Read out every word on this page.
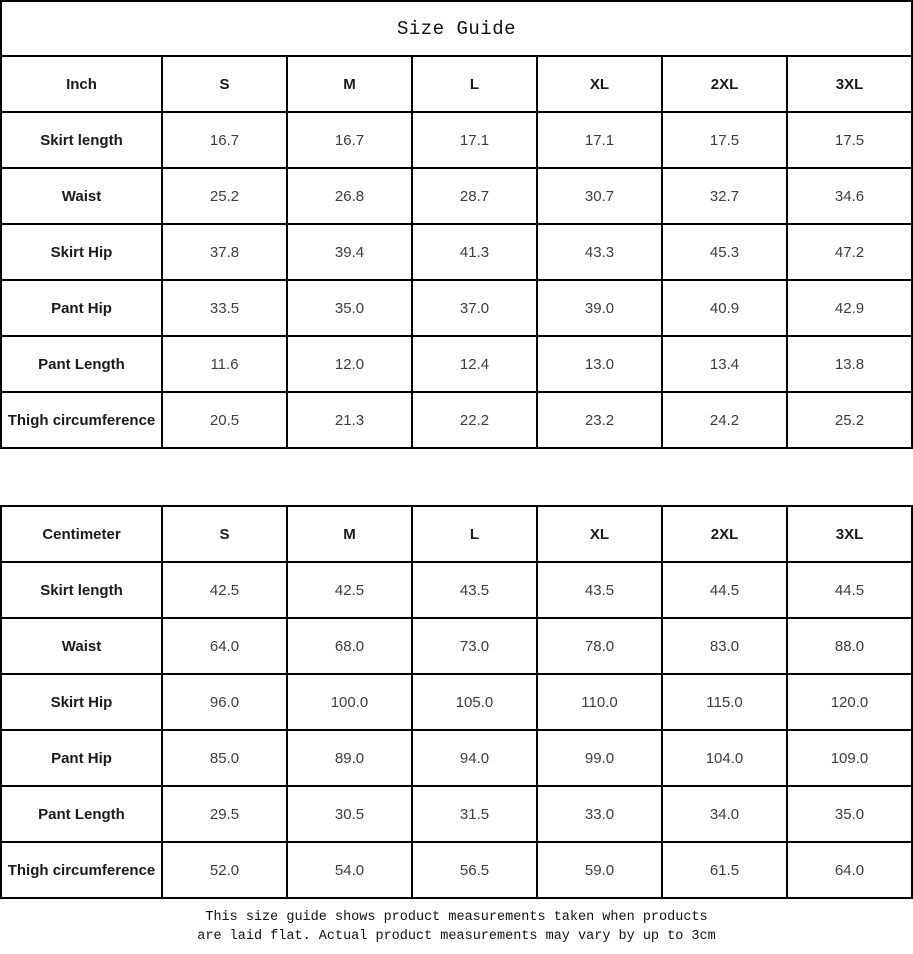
Size Guide
Inch	S	M	L	XL	2XL	3XL
Skirt length	16.7	16.7	17.1	17.1	17.5	17.5
Waist	25.2	26.8	28.7	30.7	32.7	34.6
Skirt Hip	37.8	39.4	41.3	43.3	45.3	47.2
Pant Hip	33.5	35.0	37.0	39.0	40.9	42.9
Pant Length	11.6	12.0	12.4	13.0	13.4	13.8
Thigh circumference	20.5	21.3	22.2	23.2	24.2	25.2
Centimeter	S	M	L	XL	2XL	3XL
Skirt length	42.5	42.5	43.5	43.5	44.5	44.5
Waist	64.0	68.0	73.0	78.0	83.0	88.0
Skirt Hip	96.0	100.0	105.0	110.0	115.0	120.0
Pant Hip	85.0	89.0	94.0	99.0	104.0	109.0
Pant Length	29.5	30.5	31.5	33.0	34.0	35.0
Thigh circumference	52.0	54.0	56.5	59.0	61.5	64.0
This size guide shows product measurements taken when products
are laid flat. Actual product measurements may vary by up to 3cm
